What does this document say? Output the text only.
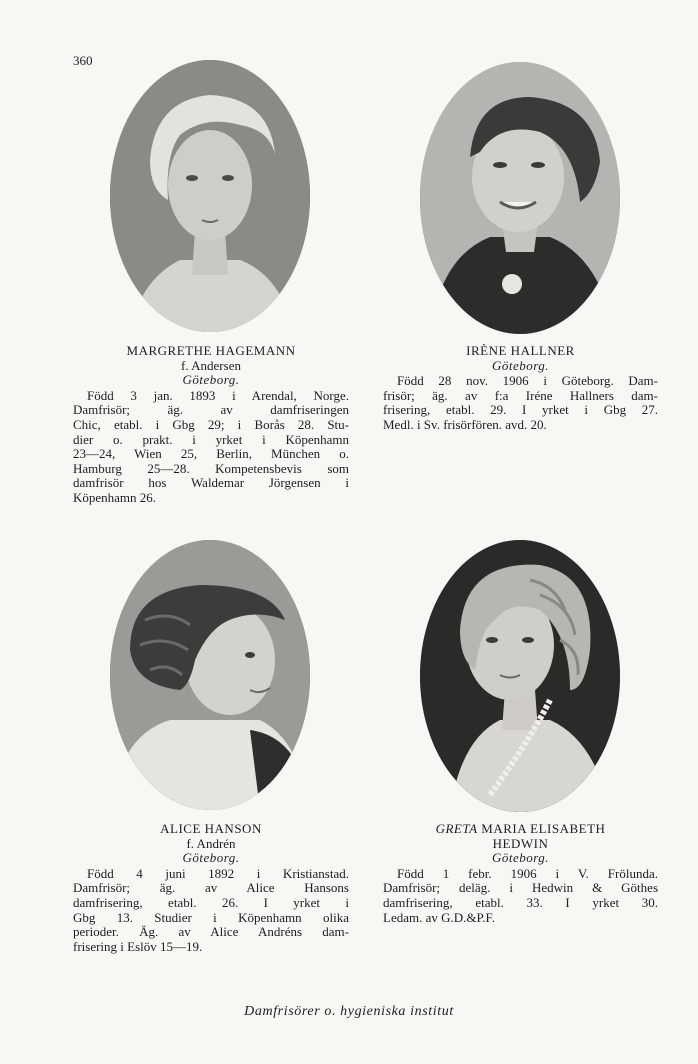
360
MARGRETHE HAGEMANN
f. Andersen
Göteborg.

Född 3 jan. 1893 i Arendal, Norge.

Damfrisör; äg. av damfriseringen

Chic, etabl. i Gbg 29; i Borås 28. Stu-

dier o. prakt. i yrket i Köpenhamn

23—24, Wien 25, Berlin, München o.

Hamburg 25—28. Kompetensbevis som

damfrisör hos Waldemar Jörgensen i

Köpenhamn 26.

IRÈNE HALLNER
Göteborg.

Född 28 nov. 1906 i Göteborg. Dam-

frisör; äg. av f:a Iréne Hallners dam-

frisering, etabl. 29. I yrket i Gbg 27.

Medl. i Sv. frisörfören. avd. 20.

ALICE HANSON
f. Andrén
Göteborg.

Född 4 juni 1892 i Kristianstad.

Damfrisör; äg. av Alice Hansons

damfrisering, etabl. 26. I yrket i

Gbg 13. Studier i Köpenhamn olika

perioder. Äg. av Alice Andréns dam-

frisering i Eslöv 15—19.

GRETA MARIA ELISABETH
HEDWIN
Göteborg.

Född 1 febr. 1906 i V. Frölunda.

Damfrisör; deläg. i Hedwin & Göthes

damfrisering, etabl. 33. I yrket 30.

Ledam. av G.D.&P.F.

Damfrisörer o. hygieniska institut
